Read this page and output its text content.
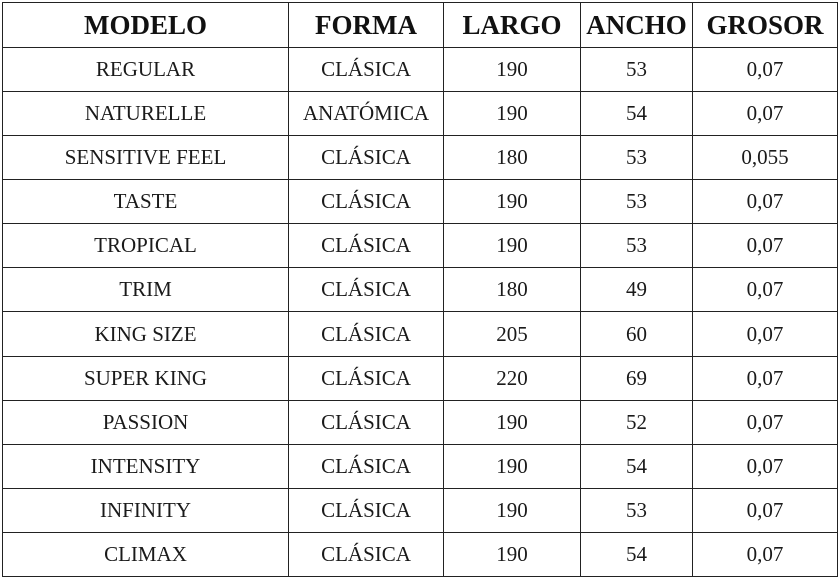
MODELO	FORMA	LARGO	ANCHO	GROSOR
REGULAR	CLÁSICA	190	53	0,07
NATURELLE	ANATÓMICA	190	54	0,07
SENSITIVE FEEL	CLÁSICA	180	53	0,055
TASTE	CLÁSICA	190	53	0,07
TROPICAL	CLÁSICA	190	53	0,07
TRIM	CLÁSICA	180	49	0,07
KING SIZE	CLÁSICA	205	60	0,07
SUPER KING	CLÁSICA	220	69	0,07
PASSION	CLÁSICA	190	52	0,07
INTENSITY	CLÁSICA	190	54	0,07
INFINITY	CLÁSICA	190	53	0,07
CLIMAX	CLÁSICA	190	54	0,07
